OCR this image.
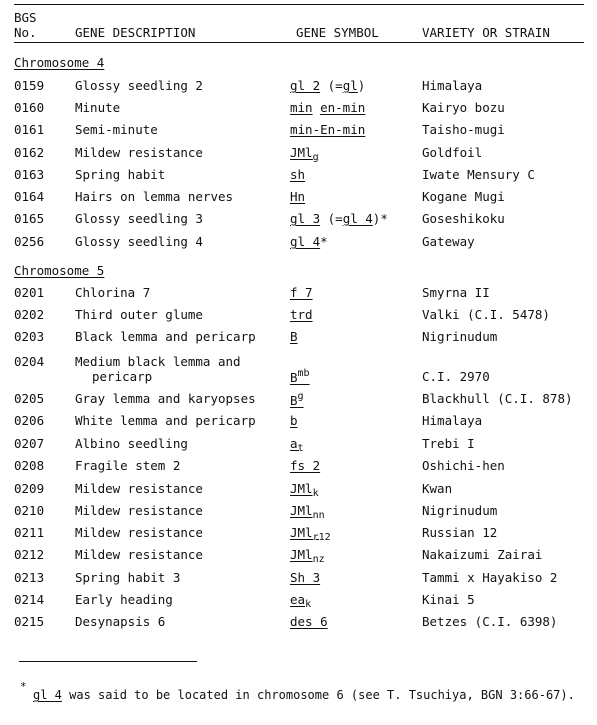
BGS
No.	GENE DESCRIPTION	GENE SYMBOL	VARIETY OR STRAIN
Chromosome 4
0159 Glossy seedling 2	gl 2 (=gl)	Himalaya
0160 Minute	min en-min	Kairyo bozu
0161 Semi-minute	min-En-min	Taisho-mugi
0162 Mildew resistance	JMl$_g$	Goldfoil
0163 Spring habit	sh	Iwate Mensury C
0164 Hairs on lemma nerves	Hn	Kogane Mugi
0165 Glossy seedling 3	gl 3 (=gl 4)*	Goseshikoku
0256 Glossy seedling 4	gl 4*	Gateway
Chromosome 5
0201 Chlorina 7	f 7	Smyrna II
0202 Third outer glume	trd	Valki (C.I. 5478)
0203 Black lemma and pericarp	B	Nigrinudum
0204 Medium black lemma and
pericarp	$B^{mb}$	C.I. 2970
0205 Gray lemma and karyopses	$B^g$	Blackhull (C.I. 878)
0206 White lemma and pericarp	b	Himalaya
0207 Albino seedling	$a_t$	Trebi I
0208 Fragile stem 2	fs 2	Oshichi-hen
0209 Mildew resistance	JMl$_k$	Kwan
0210 Mildew resistance	JMl$_{nn}$	Nigrinudum
0211 Mildew resistance	JMl$_{r12}$	Russian 12
0212 Mildew resistance	JMl$_{nz}$	Nakaizumi Zairai
0213 Spring habit 3	Sh 3	Tammi x Hayakiso 2
0214 Early heading	$ea_k$	Kinai 5
0215 Desynapsis 6	des 6	Betzes (C.I. 6398)
*
gl 4 was said to be located in chromosome 6 (see T. Tsuchiya, BGN 3:66-67).
